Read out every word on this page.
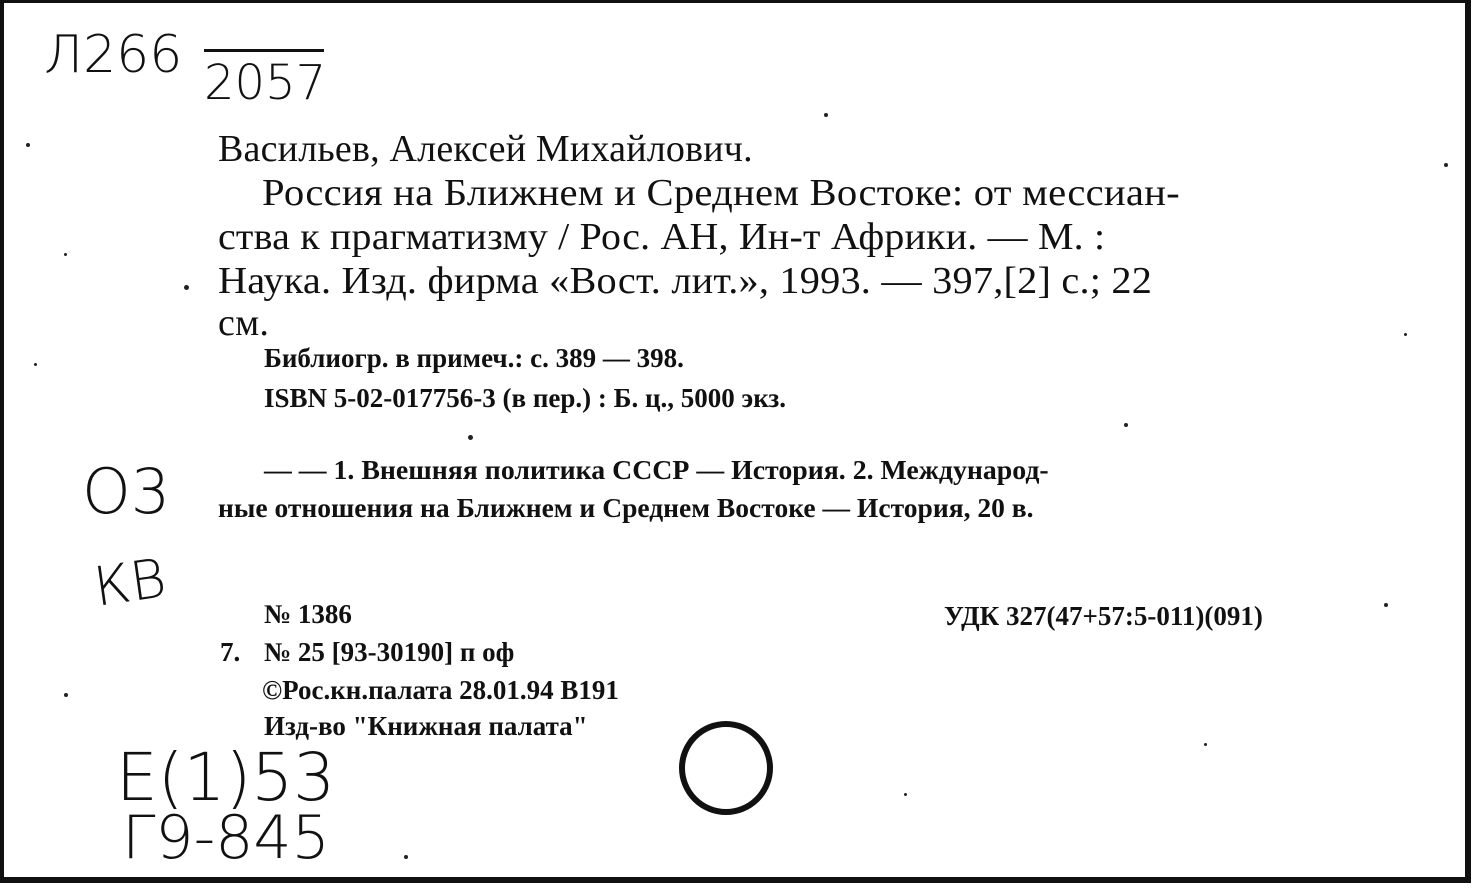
Л266 2057
О3
КВ
Е(1)53
Г9-845
Васильев, Алексей Михайлович.
Россия на Ближнем и Среднем Востоке: от мессиан-
ства к прагматизму / Рос. АН, Ин-т Африки. — М. :
Наука. Изд. фирма «Вост. лит.», 1993. — 397,[2] с.; 22
см.
Библиогр. в примеч.: с. 389 — 398.
ISBN 5-02-017756-3 (в пер.) : Б. ц., 5000 экз.
— — 1. Внешняя политика СССР — История. 2. Международ-
ные отношения на Ближнем и Среднем Востоке — История, 20 в.
№ 1386	УДК 327(47+57:5-011)(091)
7. № 25 [93-30190] п оф
©Рос.кн.палата 28.01.94 В191
Изд-во "Книжная палата"
